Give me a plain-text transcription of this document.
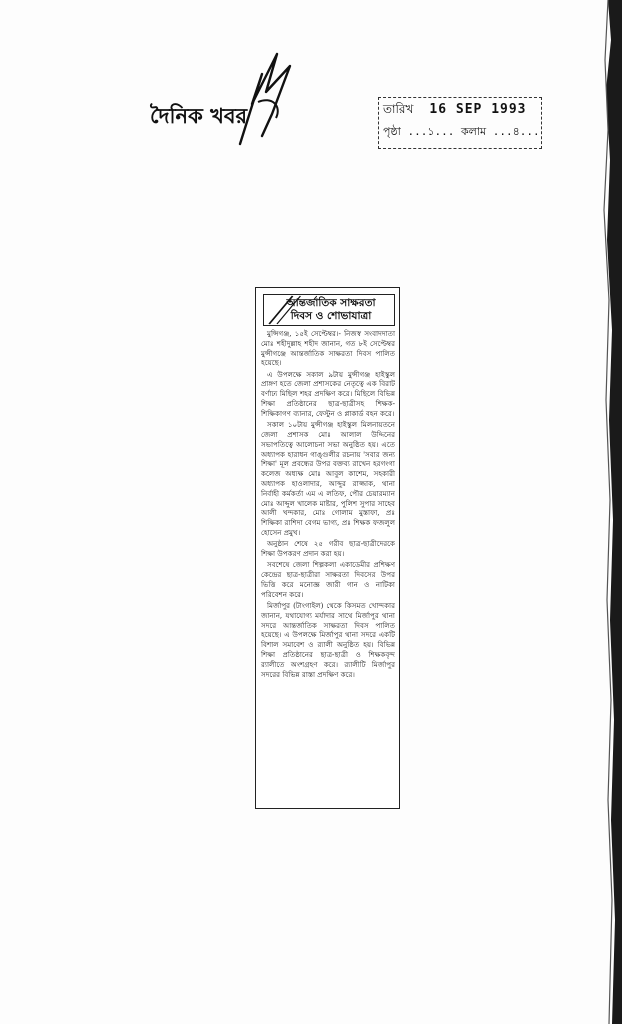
দৈনিক খবর	তারিখ 16 SEP 1993
পৃষ্ঠা ...১... কলাম ...৪...
আন্তর্জাতিক সাক্ষরতা
দিবস ও শোভাযাত্রা

মুন্সিগঞ্জ, ১৫ই সেপ্টেম্বর।- নিজস্ব সংবাদদাতা মোঃ শহীদুল্লাহ শহীদ জানান, গত ৮ই সেপ্টেম্বর মুন্সীগঞ্জে আন্তর্জাতিক সাক্ষরতা দিবস পালিত হয়েছে।

এ উপলক্ষে সকাল ৯টায় মুন্সীগঞ্জ হাইস্কুল প্রাঙ্গণ হতে জেলা প্রশাসকের নেতৃত্বে এক বিরাট বর্ণাঢ্য মিছিল শহর প্রদক্ষিণ করে। মিছিলে বিভিন্ন শিক্ষা প্রতিষ্ঠানের ছাত্র-ছাত্রীসহ শিক্ষক-শিক্ষিকাগণ ব্যানার, ফেস্টুন ও প্লাকার্ড বহন করে।

সকাল ১০টায় মুন্সীগঞ্জ হাইস্কুল মিলনায়তনে জেলা প্রশাসক মোঃ আলাল উদ্দিনের সভাপতিত্বে আলোচনা সভা অনুষ্ঠিত হয়। এতে অধ্যাপক হারাধন গাঙ্গুলীর রচনায় 'সবার জন্য শিক্ষা' মূল প্রবন্ধের উপর বক্তব্য রাখেন হরগংগা কলেজ অধ্যক্ষ মোঃ আবুল কাশেম, সহকারী অধ্যাপক হাওলাদার, আব্দুর রাজ্জাক, থানা নির্বাহী কর্মকর্তা এম এ লতিফ, পৌর চেয়ারম্যান মোঃ আব্দুল খালেক মাষ্টার, পুলিশ সুপার সাহেব আলী খন্দকার, মোঃ গোলাম মুস্তাফা, প্রঃ শিক্ষিকা রাশিদা বেগম ভাগ্য, প্রঃ শিক্ষক ফজলুল হোসেন প্রমুখ।

অনুষ্ঠান শেষে ২৫ গরীব ছাত্র-ছাত্রীদেরকে শিক্ষা উপকরণ প্রদান করা হয়।

সবশেষে জেলা শিল্পকলা একাডেমীর প্রশিক্ষণ কেন্দ্রের ছাত্র-ছাত্রীরা সাক্ষরতা দিবসের উপর ভিত্তি করে মনোজ্ঞ জারী গান ও নাটিকা পরিবেশন করে।

মির্জাপুর (টাংগাইল) থেকে কিসমত খোন্দকার জানান, যথাযোগ্য মর্যাদার সাথে মির্জাপুর থানা সদরে আন্তর্জাতিক সাক্ষরতা দিবস পালিত হয়েছে। এ উপলক্ষে মির্জাপুর থানা সদরে একটি বিশাল সমাবেশ ও র‍্যালী অনুষ্ঠিত হয়। বিভিন্ন শিক্ষা প্রতিষ্ঠানের ছাত্র-ছাত্রী ও শিক্ষকবৃন্দ র‍্যালীতে অংশগ্রহণ করে। র‍্যালীটি মির্জাপুর সদরের বিভিন্ন রাস্তা প্রদক্ষিণ করে।
